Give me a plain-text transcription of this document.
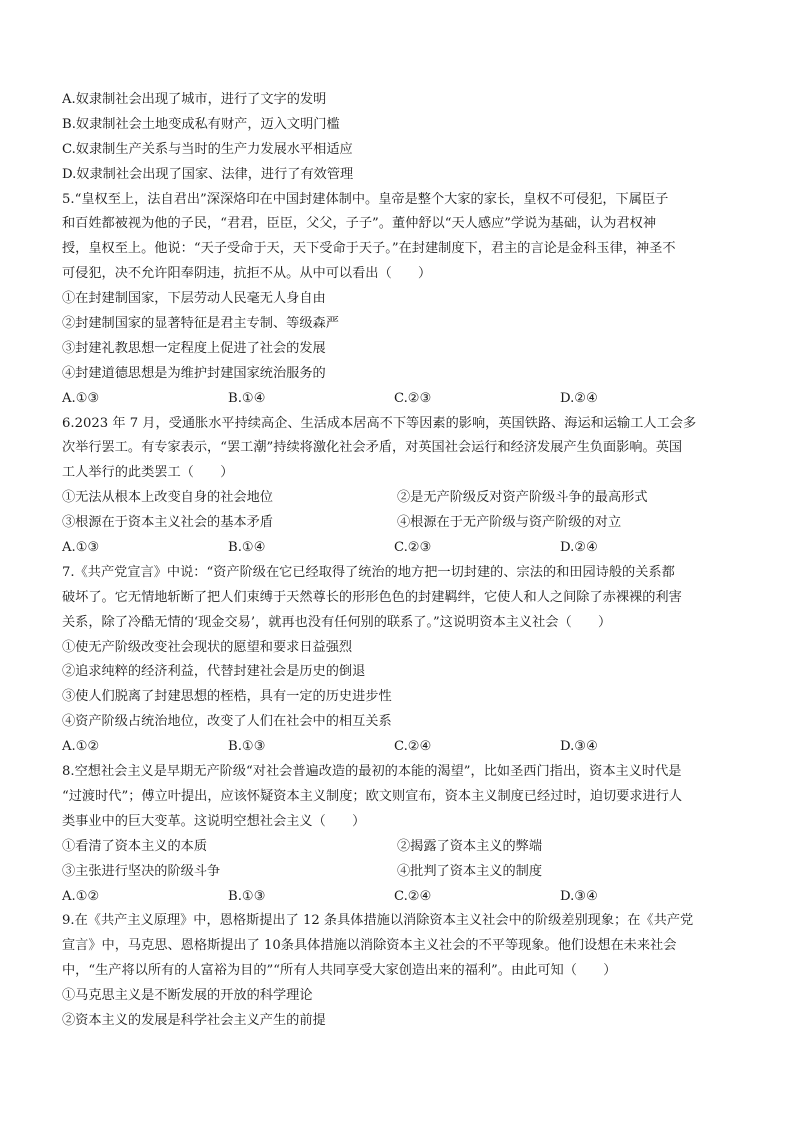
A.奴隶制社会出现了城市，进行了文字的发明
B.奴隶制社会土地变成私有财产，迈入文明门槛
C.奴隶制生产关系与当时的生产力发展水平相适应
D.奴隶制社会出现了国家、法律，进行了有效管理
5.“皇权至上，法自君出”深深烙印在中国封建体制中。皇帝是整个大家的家长，皇权不可侵犯，下属臣子
和百姓都被视为他的子民，“君君，臣臣，父父，子子”。董仲舒以“天人感应”学说为基础，认为君权神
授，皇权至上。他说：“天子受命于天，天下受命于天子。”在封建制度下，君主的言论是金科玉律，神圣不
可侵犯，决不允许阳奉阴违，抗拒不从。从中可以看出（　　）
①在封建制国家，下层劳动人民毫无人身自由
②封建制国家的显著特征是君主专制、等级森严
③封建礼教思想一定程度上促进了社会的发展
④封建道德思想是为维护封建国家统治服务的
A.①③	B.①④	C.②③	D.②④
6.2023 年 7 月，受通胀水平持续高企、生活成本居高不下等因素的影响，英国铁路、海运和运输工人工会多
次举行罢工。有专家表示，“罢工潮”持续将激化社会矛盾，对英国社会运行和经济发展产生负面影响。英国
工人举行的此类罢工（　　）
①无法从根本上改变自身的社会地位	②是无产阶级反对资产阶级斗争的最高形式
③根源在于资本主义社会的基本矛盾	④根源在于无产阶级与资产阶级的对立
A.①③	B.①④	C.②③	D.②④
7.《共产党宣言》中说：“资产阶级在它已经取得了统治的地方把一切封建的、宗法的和田园诗般的关系都
破坏了。它无情地斩断了把人们束缚于天然尊长的形形色色的封建羁绊，它使人和人之间除了赤裸裸的利害
关系，除了冷酷无情的‘现金交易’，就再也没有任何别的联系了。”这说明资本主义社会（　　）
①使无产阶级改变社会现状的愿望和要求日益强烈
②追求纯粹的经济利益，代替封建社会是历史的倒退
③使人们脱离了封建思想的桎梏，具有一定的历史进步性
④资产阶级占统治地位，改变了人们在社会中的相互关系
A.①②	B.①③	C.②④	D.③④
8.空想社会主义是早期无产阶级“对社会普遍改造的最初的本能的渴望”，比如圣西门指出，资本主义时代是
“过渡时代”；傅立叶提出，应该怀疑资本主义制度；欧文则宣布，资本主义制度已经过时，迫切要求进行人
类事业中的巨大变革。这说明空想社会主义（　　）
①看清了资本主义的本质	②揭露了资本主义的弊端
③主张进行坚决的阶级斗争	④批判了资本主义的制度
A.①②	B.①③	C.②④	D.③④
9.在《共产主义原理》中，恩格斯提出了 12 条具体措施以消除资本主义社会中的阶级差别现象；在《共产党
宣言》中，马克思、恩格斯提出了 10条具体措施以消除资本主义社会的不平等现象。他们设想在未来社会
中，“生产将以所有的人富裕为目的”“所有人共同享受大家创造出来的福利”。由此可知（　　）
①马克思主义是不断发展的开放的科学理论
②资本主义的发展是科学社会主义产生的前提
